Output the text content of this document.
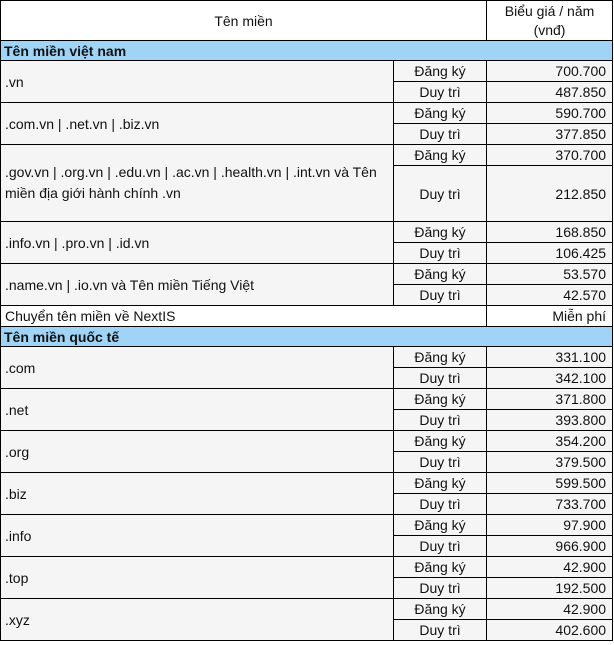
Tên miền		Biểu giá / năm
(vnđ)
Tên miền việt nam		
.vn	Đăng ký	700.700
	Duy trì	487.850
.com.vn | .net.vn | .biz.vn	Đăng ký	590.700
	Duy trì	377.850
.gov.vn | .org.vn | .edu.vn | .ac.vn | .health.vn | .int.vn và Tên miền địa giới hành chính .vn	Đăng ký	370.700
	Duy trì	212.850
.info.vn | .pro.vn | .id.vn	Đăng ký	168.850
	Duy trì	106.425
.name.vn | .io.vn và Tên miền Tiếng Việt	Đăng ký	53.570
	Duy trì	42.570
Chuyển tên miền về NextIS		Miễn phí
Tên miền quốc tế		
.com	Đăng ký	331.100
	Duy trì	342.100
.net	Đăng ký	371.800
	Duy trì	393.800
.org	Đăng ký	354.200
	Duy trì	379.500
.biz	Đăng ký	599.500
	Duy trì	733.700
.info	Đăng ký	97.900
	Duy trì	966.900
.top	Đăng ký	42.900
	Duy trì	192.500
.xyz	Đăng ký	42.900
	Duy trì	402.600
